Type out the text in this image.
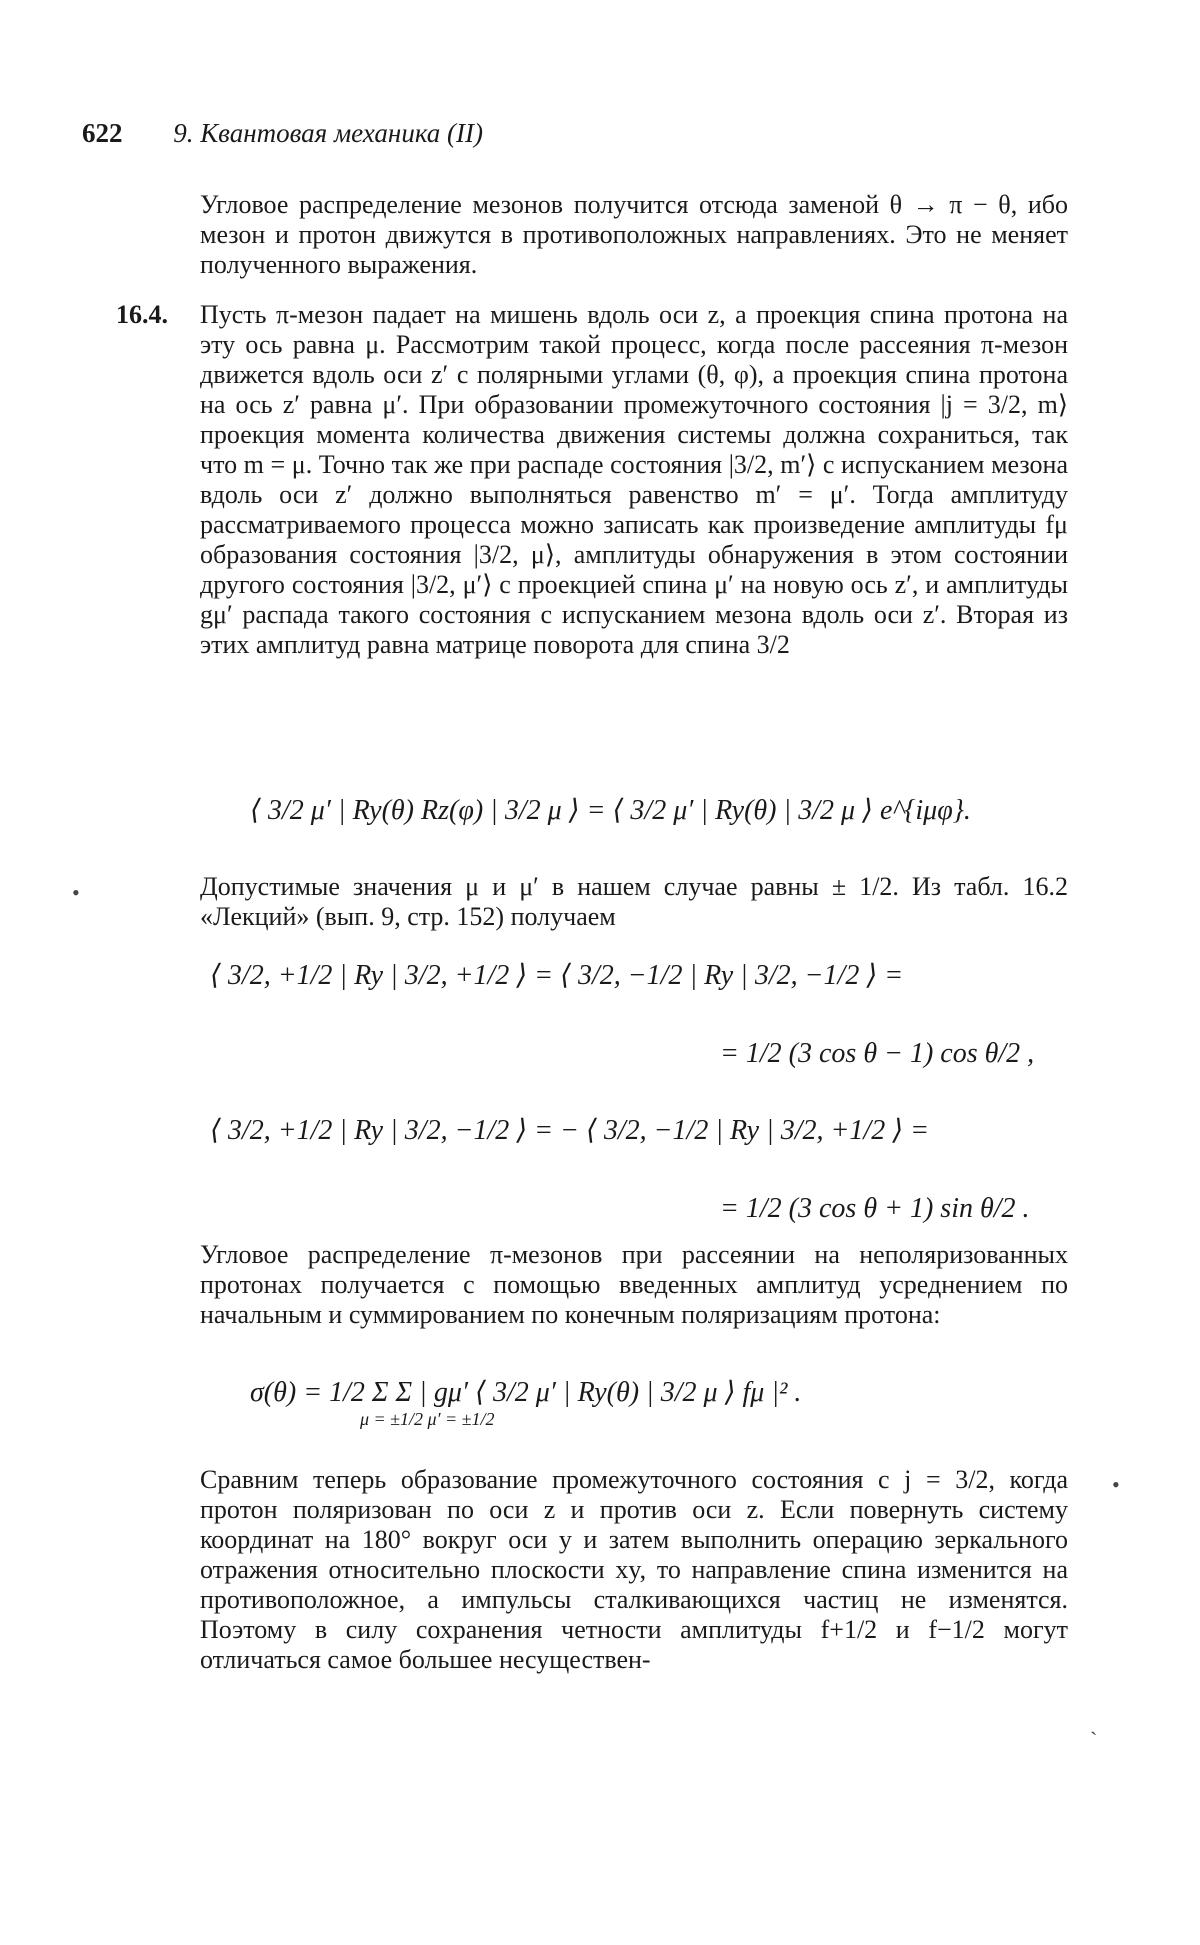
622 9. Квантовая механика (II)
Угловое распределение мезонов получится отсюда заменой θ → π − θ, ибо мезон и протон движутся в противоположных направлениях. Это не меняет полученного выражения.
16.4. Пусть π-мезон падает на мишень вдоль оси z, а проекция спина протона на эту ось равна μ. Рассмотрим такой процесс, когда после рассеяния π-мезон движется вдоль оси z′ с полярными углами (θ, φ), а проекция спина протона на ось z′ равна μ′. При образовании промежуточного состояния |j = 3/2, m⟩ проекция момента количества движения системы должна сохраниться, так что m = μ. Точно так же при распаде состояния |3/2, m′⟩ с испусканием мезона вдоль оси z′ должно выполняться равенство m′ = μ′. Тогда амплитуду рассматриваемого процесса можно записать как произведение амплитуды fμ образования состояния |3/2, μ⟩, амплитуды обнаружения в этом состоянии другого состояния |3/2, μ′⟩ с проекцией спина μ′ на новую ось z′, и амплитуды gμ′ распада такого состояния с испусканием мезона вдоль оси z′. Вторая из этих амплитуд равна матрице поворота для спина 3/2
⟨ 3/2 μ′ | Ry(θ) Rz(φ) | 3/2 μ ⟩ = ⟨ 3/2 μ′ | Ry(θ) | 3/2 μ ⟩ e^{iμφ}.
Допустимые значения μ и μ′ в нашем случае равны ± 1/2. Из табл. 16.2 «Лекций» (вып. 9, стр. 152) получаем
⟨ 3/2, +1/2 | Ry | 3/2, +1/2 ⟩ = ⟨ 3/2, −1/2 | Ry | 3/2, −1/2 ⟩ =
= 1/2 (3 cos θ − 1) cos θ/2 ,
⟨ 3/2, +1/2 | Ry | 3/2, −1/2 ⟩ = − ⟨ 3/2, −1/2 | Ry | 3/2, +1/2 ⟩ =
= 1/2 (3 cos θ + 1) sin θ/2 .
Угловое распределение π-мезонов при рассеянии на неполяризованных протонах получается с помощью введенных амплитуд усреднением по начальным и суммированием по конечным поляризациям протона:
σ(θ) = 1/2 Σ Σ | gμ′ ⟨ 3/2 μ′ | Ry(θ) | 3/2 μ ⟩ fμ |² .
μ = ±1/2 μ′ = ±1/2
Сравним теперь образование промежуточного состояния с j = 3/2, когда протон поляризован по оси z и против оси z. Если повернуть систему координат на 180° вокруг оси y и затем выполнить операцию зеркального отражения относительно плоскости xy, то направление спина изменится на противоположное, а импульсы сталкивающихся частиц не изменятся. Поэтому в силу сохранения четности амплитуды f+1/2 и f−1/2 могут отличаться самое большее несуществен-
•
•
ˎ
